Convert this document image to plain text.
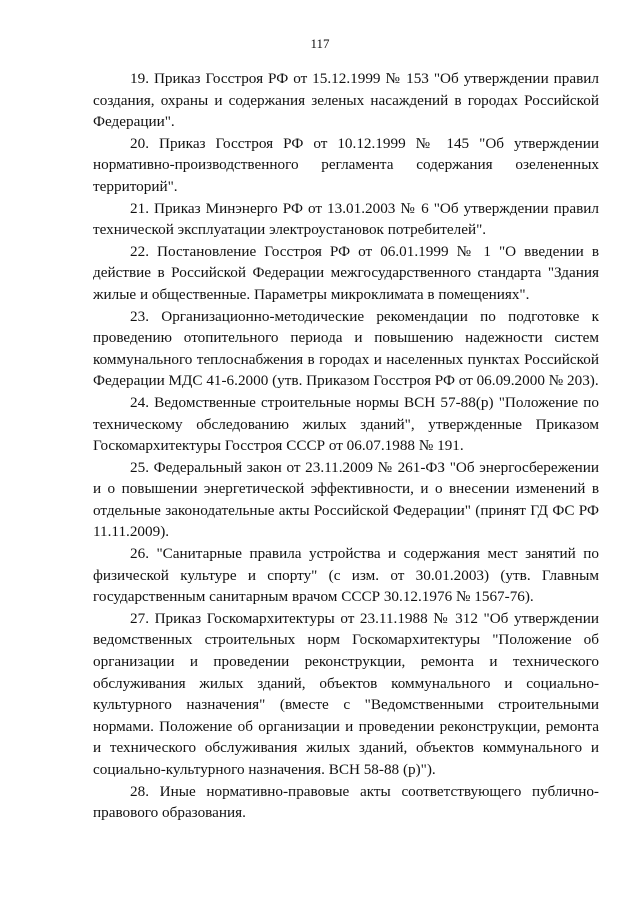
117

19. Приказ Госстроя РФ от 15.12.1999 № 153 "Об утверждении правил создания, охраны и содержания зеленых насаждений в городах Российской Федерации".

20. Приказ Госстроя РФ от 10.12.1999 № 145 "Об утверждении нормативно-производственного регламента содержания озелененных территорий".

21. Приказ Минэнерго РФ от 13.01.2003 № 6 "Об утверждении правил технической эксплуатации электроустановок потребителей".

22. Постановление Госстроя РФ от 06.01.1999 № 1 "О введении в действие в Российской Федерации межгосударственного стандарта "Здания жилые и общественные. Параметры микроклимата в помещениях".

23. Организационно-методические рекомендации по подготовке к проведению отопительного периода и повышению надежности систем коммунального теплоснабжения в городах и населенных пунктах Российской Федерации МДС 41-6.2000 (утв. Приказом Госстроя РФ от 06.09.2000 № 203).

24. Ведомственные строительные нормы ВСН 57-88(р) "Положение по техническому обследованию жилых зданий", утвержденные Приказом Госкомархитектуры Госстроя СССР от 06.07.1988 № 191.

25. Федеральный закон от 23.11.2009 № 261-ФЗ "Об энергосбережении и о повышении энергетической эффективности, и о внесении изменений в отдельные законодательные акты Российской Федерации" (принят ГД ФС РФ 11.11.2009).

26. "Санитарные правила устройства и содержания мест занятий по физической культуре и спорту" (с изм. от 30.01.2003) (утв. Главным государственным санитарным врачом СССР 30.12.1976 № 1567-76).

27. Приказ Госкомархитектуры от 23.11.1988 № 312 "Об утверждении ведомственных строительных норм Госкомархитектуры "Положение об организации и проведении реконструкции, ремонта и технического обслуживания жилых зданий, объектов коммунального и социально-культурного назначения" (вместе с "Ведомственными строительными нормами. Положение об организации и проведении реконструкции, ремонта и технического обслуживания жилых зданий, объектов коммунального и социально-культурного назначения. ВСН 58-88 (р)").

28. Иные нормативно-правовые акты соответствующего публично-правового образования.
